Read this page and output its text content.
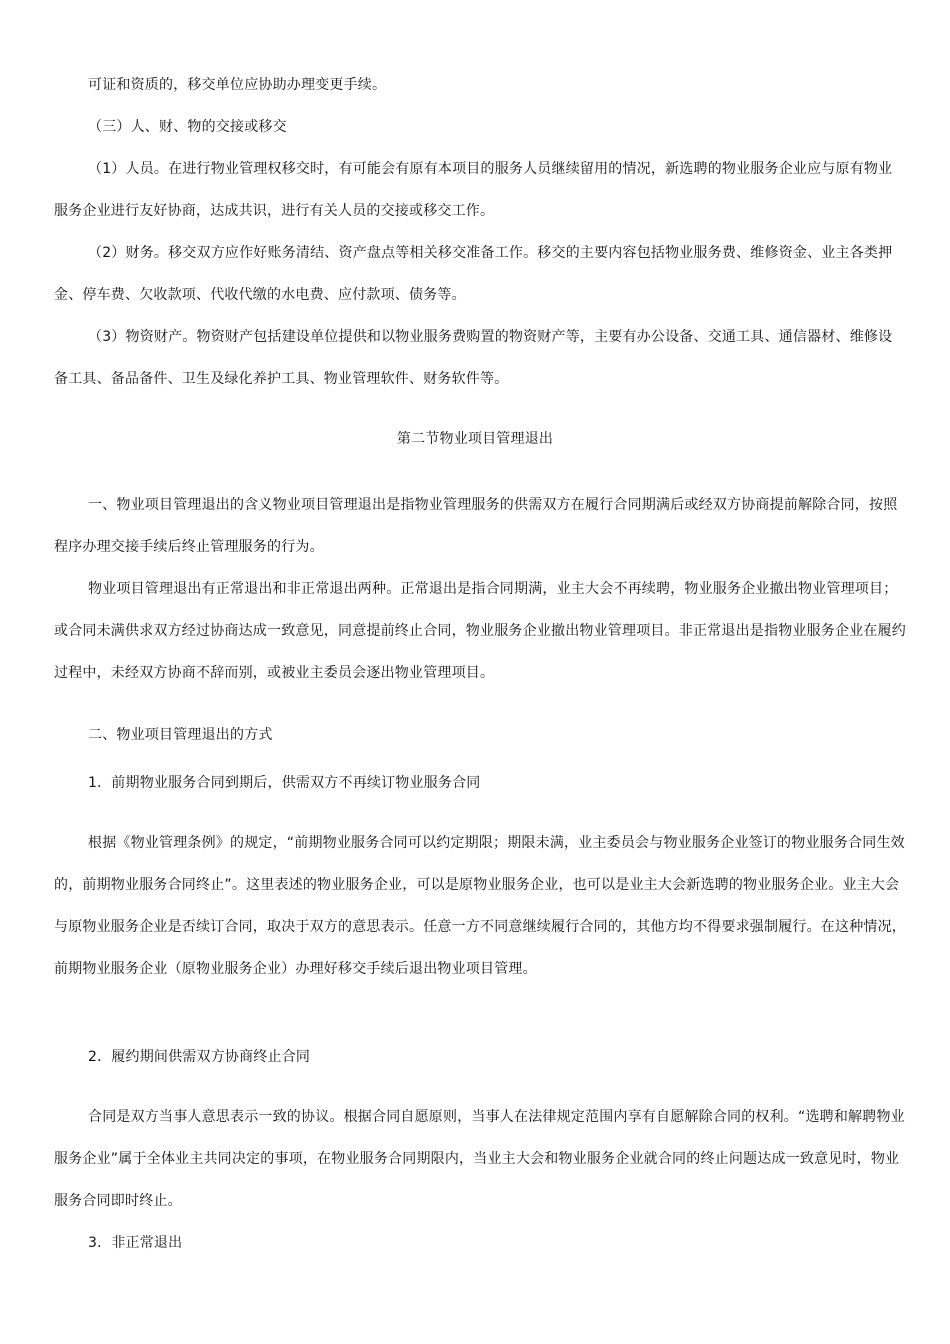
可证和资质的，移交单位应协助办理变更手续。

（三）人、财、物的交接或移交

（1）人员。在进行物业管理权移交时，有可能会有原有本项目的服务人员继续留用的情况，新选聘的物业服务企业应与原有物业服务企业进行友好协商，达成共识，进行有关人员的交接或移交工作。

（2）财务。移交双方应作好账务清结、资产盘点等相关移交准备工作。移交的主要内容包括物业服务费、维修资金、业主各类押金、停车费、欠收款项、代收代缴的水电费、应付款项、债务等。

（3）物资财产。物资财产包括建设单位提供和以物业服务费购置的物资财产等，主要有办公设备、交通工具、通信器材、维修设备工具、备品备件、卫生及绿化养护工具、物业管理软件、财务软件等。

第二节物业项目管理退出

一、物业项目管理退出的含义物业项目管理退出是指物业管理服务的供需双方在履行合同期满后或经双方协商提前解除合同，按照程序办理交接手续后终止管理服务的行为。

物业项目管理退出有正常退出和非正常退出两种。正常退出是指合同期满，业主大会不再续聘，物业服务企业撤出物业管理项目；或合同未满供求双方经过协商达成一致意见，同意提前终止合同，物业服务企业撤出物业管理项目。非正常退出是指物业服务企业在履约过程中，未经双方协商不辞而别，或被业主委员会逐出物业管理项目。

二、物业项目管理退出的方式

1．前期物业服务合同到期后，供需双方不再续订物业服务合同

根据《物业管理条例》的规定，“前期物业服务合同可以约定期限；期限未满，业主委员会与物业服务企业签订的物业服务合同生效的，前期物业服务合同终止”。这里表述的物业服务企业，可以是原物业服务企业，也可以是业主大会新选聘的物业服务企业。业主大会与原物业服务企业是否续订合同，取决于双方的意思表示。任意一方不同意继续履行合同的，其他方均不得要求强制履行。在这种情况，前期物业服务企业（原物业服务企业）办理好移交手续后退出物业项目管理。

2．履约期间供需双方协商终止合同

合同是双方当事人意思表示一致的协议。根据合同自愿原则，当事人在法律规定范围内享有自愿解除合同的权利。“选聘和解聘物业服务企业”属于全体业主共同决定的事项，在物业服务合同期限内，当业主大会和物业服务企业就合同的终止问题达成一致意见时，物业服务合同即时终止。

3．非正常退出
